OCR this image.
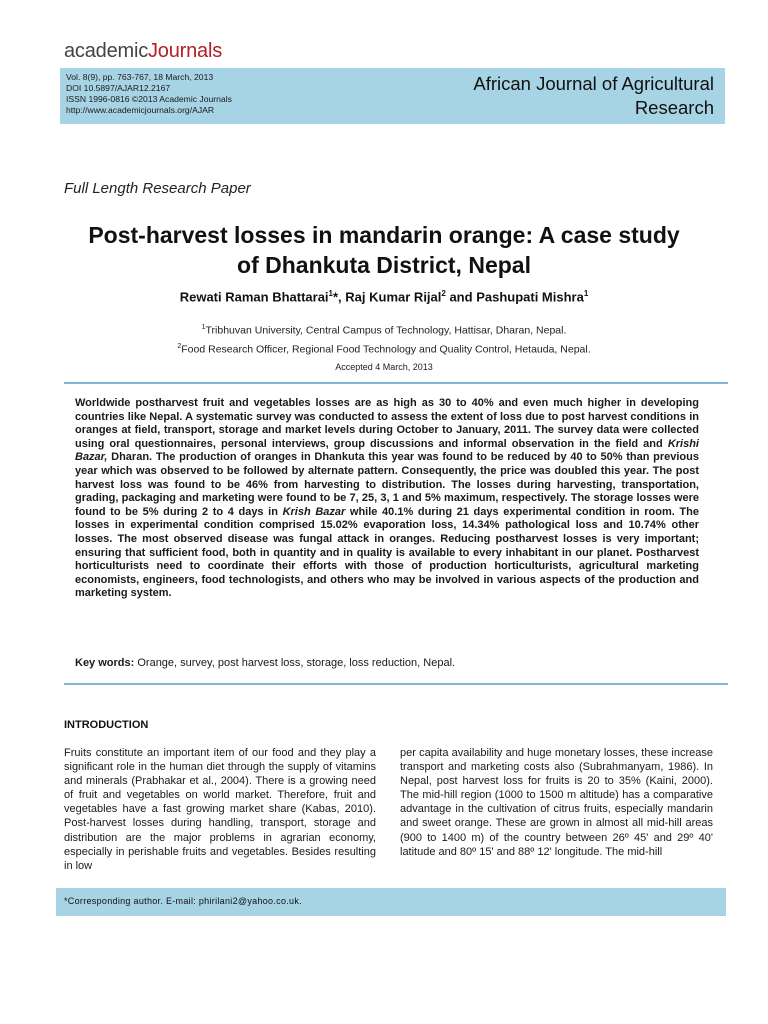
academicJournals
Vol. 8(9), pp. 763-767, 18 March, 2013
DOI 10.5897/AJAR12.2167
ISSN 1996-0816 ©2013 Academic Journals
http://www.academicjournals.org/AJAR
African Journal of Agricultural
Research
Full Length Research Paper
Post-harvest losses in mandarin orange: A case study
of Dhankuta District, Nepal
Rewati Raman Bhattarai$^1$*, Raj Kumar Rijal$^2$ and Pashupati Mishra$^1$
$^1$Tribhuvan University, Central Campus of Technology, Hattisar, Dharan, Nepal.
$^2$Food Research Officer, Regional Food Technology and Quality Control, Hetauda, Nepal.
Accepted 4 March, 2013
Worldwide postharvest fruit and vegetables losses are as high as 30 to 40% and even much higher in developing countries like Nepal. A systematic survey was conducted to assess the extent of loss due to post harvest conditions in oranges at field, transport, storage and market levels during October to January, 2011. The survey data were collected using oral questionnaires, personal interviews, group discussions and informal observation in the field and Krishi Bazar, Dharan. The production of oranges in Dhankuta this year was found to be reduced by 40 to 50% than previous year which was observed to be followed by alternate pattern. Consequently, the price was doubled this year. The post harvest loss was found to be 46% from harvesting to distribution. The losses during harvesting, transportation, grading, packaging and marketing were found to be 7, 25, 3, 1 and 5% maximum, respectively. The storage losses were found to be 5% during 2 to 4 days in Krish Bazar while 40.1% during 21 days experimental condition in room. The losses in experimental condition comprised 15.02% evaporation loss, 14.34% pathological loss and 10.74% other losses. The most observed disease was fungal attack in oranges. Reducing postharvest losses is very important; ensuring that sufficient food, both in quantity and in quality is available to every inhabitant in our planet. Postharvest horticulturists need to coordinate their efforts with those of production horticulturists, agricultural marketing economists, engineers, food technologists, and others who may be involved in various aspects of the production and marketing system.
Key words: Orange, survey, post harvest loss, storage, loss reduction, Nepal.
INTRODUCTION
Fruits constitute an important item of our food and they play a significant role in the human diet through the supply of vitamins and minerals (Prabhakar et al., 2004). There is a growing need of fruit and vegetables on world market. Therefore, fruit and vegetables have a fast growing market share (Kabas, 2010). Post-harvest losses during handling, transport, storage and distribution are the major problems in agrarian economy, especially in perishable fruits and vegetables. Besides resulting in low
per capita availability and huge monetary losses, these increase transport and marketing costs also (Subrahmanyam, 1986). In Nepal, post harvest loss for fruits is 20 to 35% (Kaini, 2000). The mid-hill region (1000 to 1500 m altitude) has a comparative advantage in the cultivation of citrus fruits, especially mandarin and sweet orange. These are grown in almost all mid-hill areas (900 to 1400 m) of the country between 26º 45' and 29º 40' latitude and 80º 15' and 88º 12' longitude. The mid-hill
*Corresponding author. E-mail: phirilani2@yahoo.co.uk.
